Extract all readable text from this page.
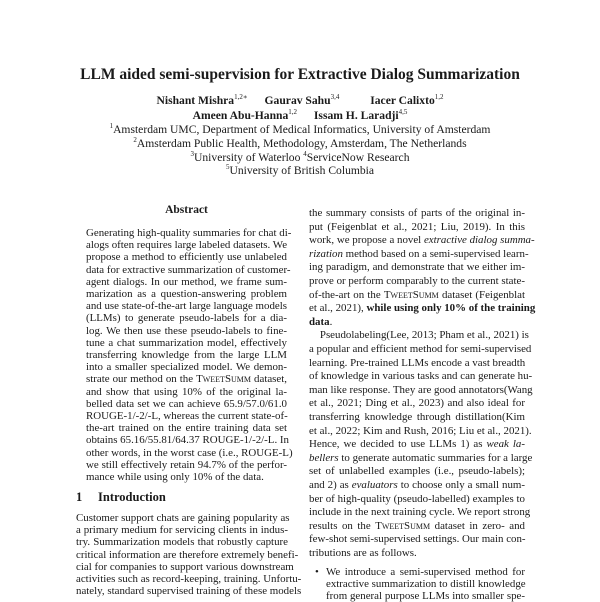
LLM aided semi-supervision for Extractive Dialog Summarization
Nishant Mishra$^{1,2∗}$ Gaurav Sahu$^{3,4}$	Iacer Calixto$^{1,2}$
Ameen Abu-Hanna$^{1,2}$ Issam H. Laradji$^{4,5}$
$^1$Amsterdam UMC, Department of Medical Informatics, University of Amsterdam
$^2$Amsterdam Public Health, Methodology, Amsterdam, The Netherlands
$^3$University of Waterloo $^4$ServiceNow Research
$^5$University of British Columbia
Abstract
Generating high-quality summaries for chat di-
alogs often requires large labeled datasets. We
propose a method to efficiently use unlabeled
data for extractive summarization of customer-
agent dialogs. In our method, we frame sum-
marization as a question-answering problem
and use state-of-the-art large language models
(LLMs) to generate pseudo-labels for a dia-
log. We then use these pseudo-labels to fine-
tune a chat summarization model, effectively
transferring knowledge from the large LLM
into a smaller specialized model. We demon-
strate our method on the TweetSumm dataset,
and show that using 10% of the original la-
belled data set we can achieve 65.9/57.0/61.0
ROUGE-1/-2/-L, whereas the current state-of-
the-art trained on the entire training data set
obtains 65.16/55.81/64.37 ROUGE-1/-2/-L. In
other words, in the worst case (i.e., ROUGE-L)
we still effectively retain 94.7% of the perfor-
mance while using only 10% of the data.
1 Introduction
Customer support chats are gaining popularity as
a primary medium for servicing clients in indus-
try. Summarization models that robustly capture
critical information are therefore extremely benefi-
cial for companies to support various downstream
activities such as record-keeping, training. Unfortu-
nately, standard supervised training of these models
the summary consists of parts of the original in-
put (Feigenblat et al., 2021; Liu, 2019). In this
work, we propose a novel extractive dialog summa-
rization method based on a semi-supervised learn-
ing paradigm, and demonstrate that we either im-
prove or perform comparably to the current state-
of-the-art on the TweetSumm dataset (Feigenblat
et al., 2021), while using only 10% of the training
data.
 Pseudolabeling(Lee, 2013; Pham et al., 2021) is
a popular and efficient method for semi-supervised
learning. Pre-trained LLMs encode a vast breadth
of knowledge in various tasks and can generate hu-
man like response. They are good annotators(Wang
et al., 2021; Ding et al., 2023) and also ideal for
transferring knowledge through distillation(Kim
et al., 2022; Kim and Rush, 2016; Liu et al., 2021).
Hence, we decided to use LLMs 1) as weak la-
bellers to generate automatic summaries for a large
set of unlabelled examples (i.e., pseudo-labels);
and 2) as evaluators to choose only a small num-
ber of high-quality (pseudo-labelled) examples to
include in the next training cycle. We report strong
results on the TweetSumm dataset in zero- and
few-shot semi-supervised settings. Our main con-
tributions are as follows.
• We introduce a semi-supervised method for
extractive summarization to distill knowledge
from general purpose LLMs into smaller spe-
